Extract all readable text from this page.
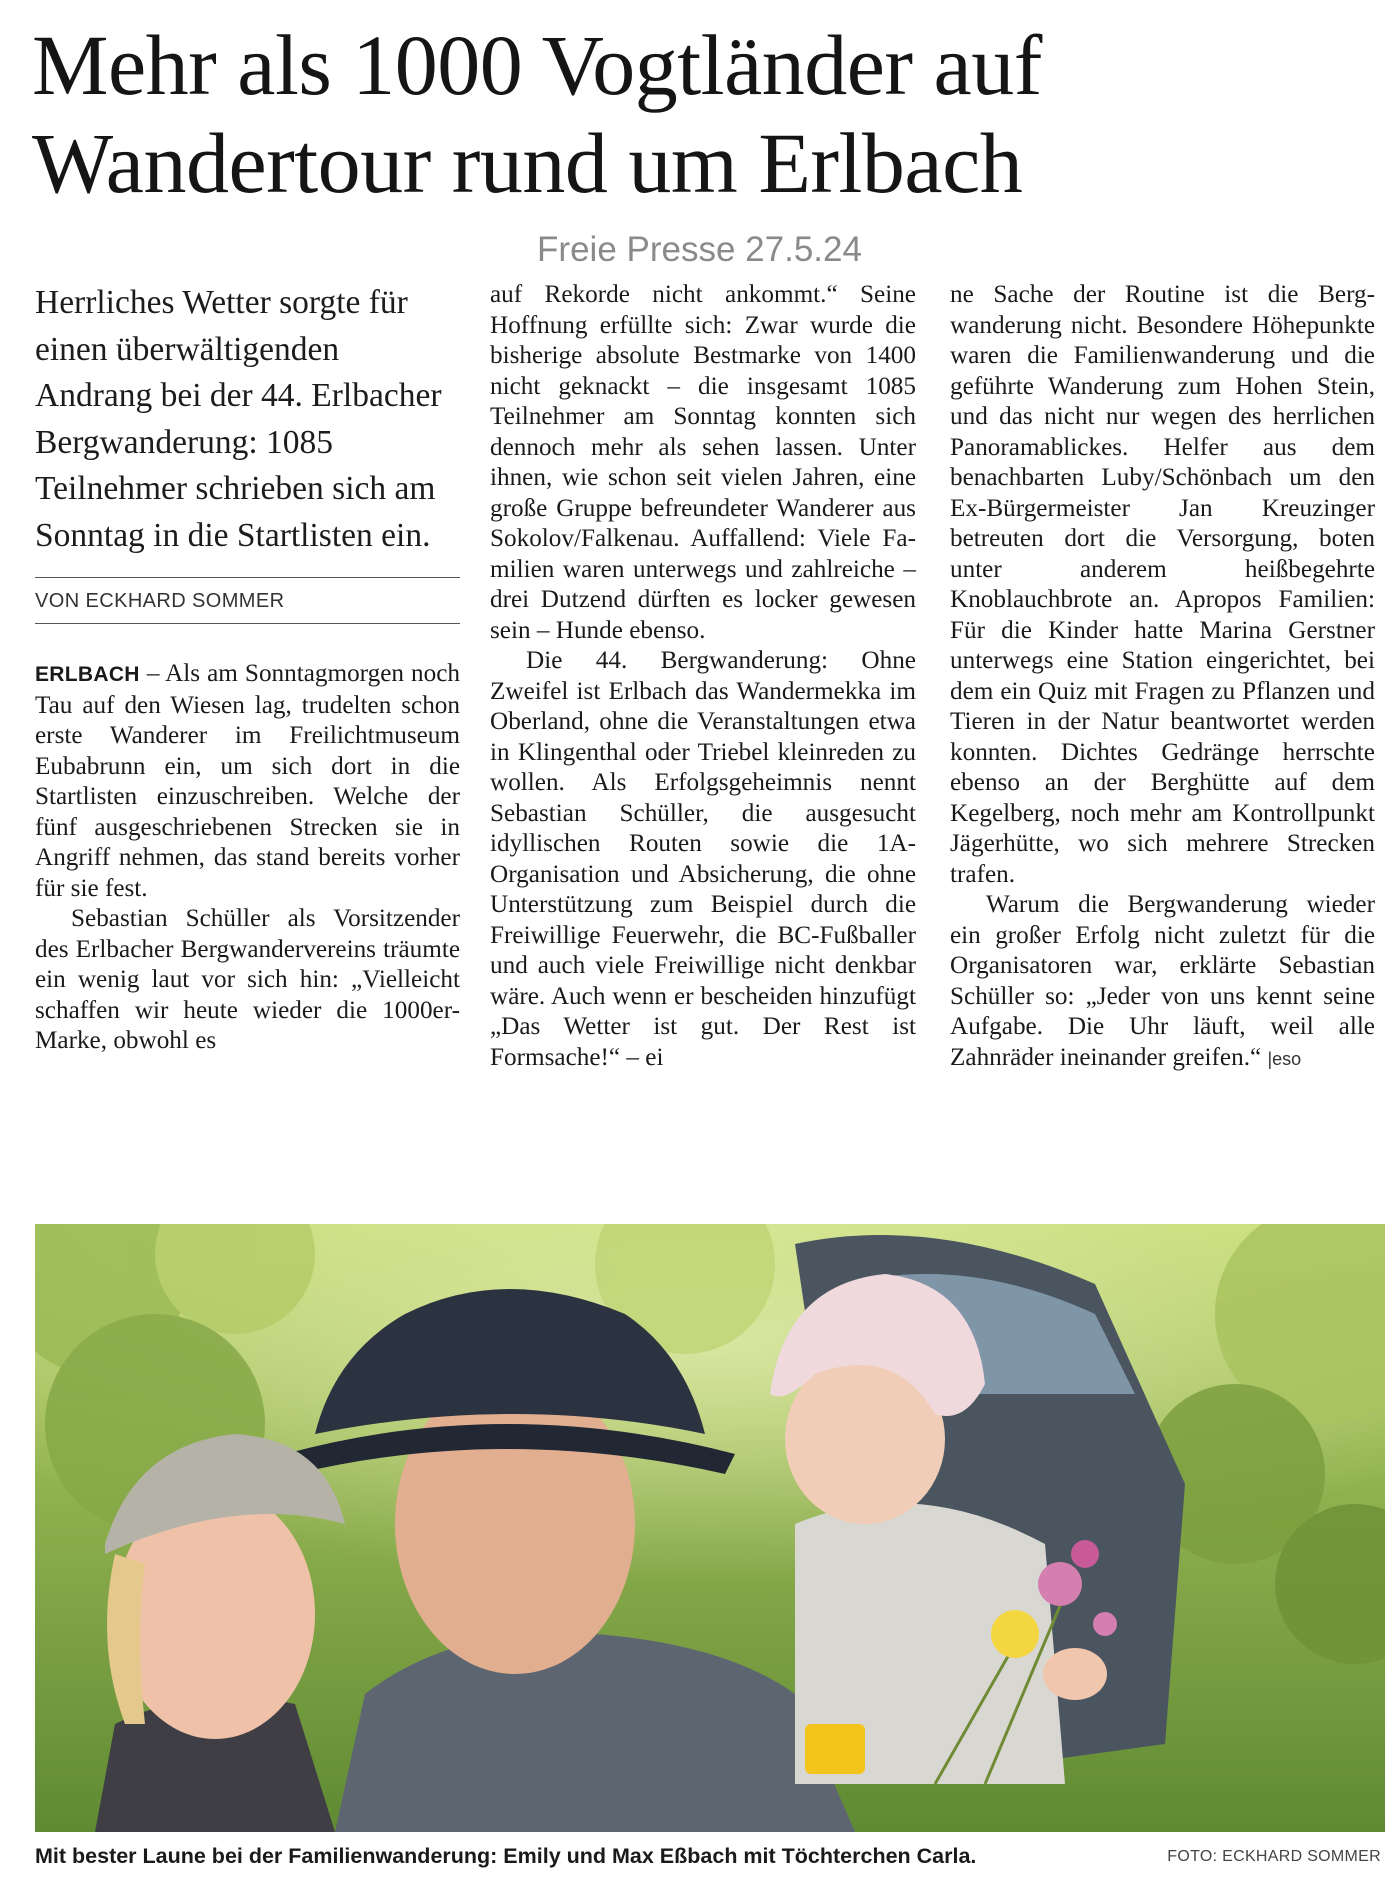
Mehr als 1000 Vogtländer auf
Wandertour rund um Erlbach

Freie Presse 27.5.24

Herrliches Wetter sorgte für einen überwältigenden Andrang bei der 44. Erlbacher Bergwanderung: 1085 Teilnehmer schrieben sich am Sonntag in die Startlisten ein.

VON ECKHARD SOMMER

ERLBACH – Als am Sonntagmorgen noch Tau auf den Wiesen lag, trudelten schon erste Wanderer im Freilichtmuseum Eubabrunn ein, um sich dort in die Startlisten einzuschreiben. Welche der fünf ausgeschriebenen Strecken sie in Angriff nehmen, das stand bereits vorher für sie fest.

Sebastian Schüller als Vorsitzender des Erlbacher Bergwandervereins träumte ein wenig laut vor sich hin: „Vielleicht schaffen wir heute wieder die 1000er-Marke, obwohl es

auf Rekorde nicht ankommt.“ Seine Hoffnung erfüllte sich: Zwar wurde die bisherige absolute Bestmarke von 1400 nicht geknackt – die insgesamt 1085 Teilnehmer am Sonntag konnten sich dennoch mehr als sehen lassen. Unter ihnen, wie schon seit vielen Jahren, eine große Gruppe befreundeter Wanderer aus Sokolov/Falkenau. Auffallend: Viele Familien waren unterwegs und zahlreiche – drei Dutzend dürften es locker gewesen sein – Hunde ebenso.

Die 44. Bergwanderung: Ohne Zweifel ist Erlbach das Wandermekka im Oberland, ohne die Veranstaltungen etwa in Klingenthal oder Triebel kleinreden zu wollen. Als Erfolgsgeheimnis nennt Sebastian Schüller, die ausgesucht idyllischen Routen sowie die 1A-Organisation und Absicherung, die ohne Unterstützung zum Beispiel durch die Freiwillige Feuerwehr, die BC-Fußballer und auch viele Freiwillige nicht denkbar wäre. Auch wenn er bescheiden hinzufügt „Das Wetter ist gut. Der Rest ist Formsache!“ – ei

ne Sache der Routine ist die Bergwanderung nicht. Besondere Höhepunkte waren die Familienwanderung und die geführte Wanderung zum Hohen Stein, und das nicht nur wegen des herrlichen Panoramablickes. Helfer aus dem benachbarten Luby/Schönbach um den Ex-Bürgermeister Jan Kreuzinger betreuten dort die Versorgung, boten unter anderem heißbegehrte Knoblauchbrote an. Apropos Familien: Für die Kinder hatte Marina Gerstner unterwegs eine Station eingerichtet, bei dem ein Quiz mit Fragen zu Pflanzen und Tieren in der Natur beantwortet werden konnten. Dichtes Gedränge herrschte ebenso an der Berghütte auf dem Kegelberg, noch mehr am Kontrollpunkt Jägerhütte, wo sich mehrere Strecken trafen.

Warum die Bergwanderung wieder ein großer Erfolg nicht zuletzt für die Organisatoren war, erklärte Sebastian Schüller so: „Jeder von uns kennt seine Aufgabe. Die Uhr läuft, weil alle Zahnräder ineinander greifen.“ |eso

Mit bester Laune bei der Familienwanderung: Emily und Max Eßbach mit Töchterchen Carla.	FOTO: ECKHARD SOMMER
